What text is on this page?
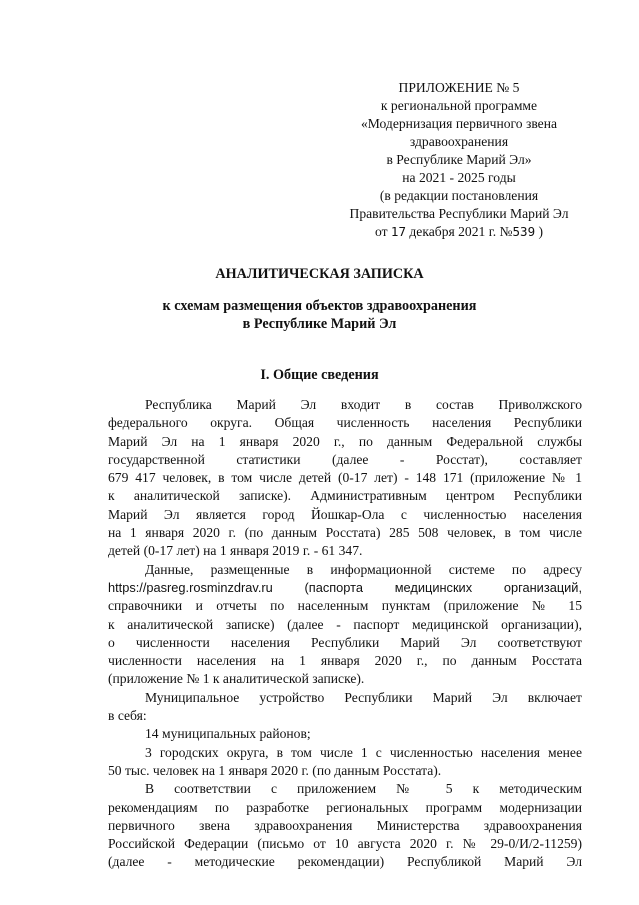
ПРИЛОЖЕНИЕ № 5
к региональной программе
«Модернизация первичного звена
здравоохранения
в Республике Марий Эл»
на 2021 - 2025 годы
(в редакции постановления
Правительства Республики Марий Эл
от 17 декабря 2021 г. №539 )
АНАЛИТИЧЕСКАЯ ЗАПИСКА
к схемам размещения объектов здравоохранения
в Республике Марий Эл
I. Общие сведения
Республика Марий Эл входит в состав Приволжского
федерального округа. Общая численность населения Республики
Марий Эл на 1 января 2020 г., по данным Федеральной службы
государственной статистики (далее - Росстат), составляет
679 417 человек, в том числе детей (0-17 лет) - 148 171 (приложение № 1
к аналитической записке). Административным центром Республики
Марий Эл является город Йошкар-Ола с численностью населения
на 1 января 2020 г. (по данным Росстата) 285 508 человек, в том числе
детей (0-17 лет) на 1 января 2019 г. - 61 347.
Данные, размещенные в информационной системе по адресу
https://pasreg.rosminzdrav.ru (паспорта медицинских организаций,
справочники и отчеты по населенным пунктам (приложение № 15
к аналитической записке) (далее - паспорт медицинской организации),
о численности населения Республики Марий Эл соответствуют
численности населения на 1 января 2020 г., по данным Росстата
(приложение № 1 к аналитической записке).
Муниципальное устройство Республики Марий Эл включает
в себя:
14 муниципальных районов;
3 городских округа, в том числе 1 с численностью населения менее
50 тыс. человек на 1 января 2020 г. (по данным Росстата).
В соответствии с приложением № 5 к методическим
рекомендациям по разработке региональных программ модернизации
первичного звена здравоохранения Министерства здравоохранения
Российской Федерации (письмо от 10 августа 2020 г. № 29-0/И/2-11259)
(далее - методические рекомендации) Республикой Марий Эл
